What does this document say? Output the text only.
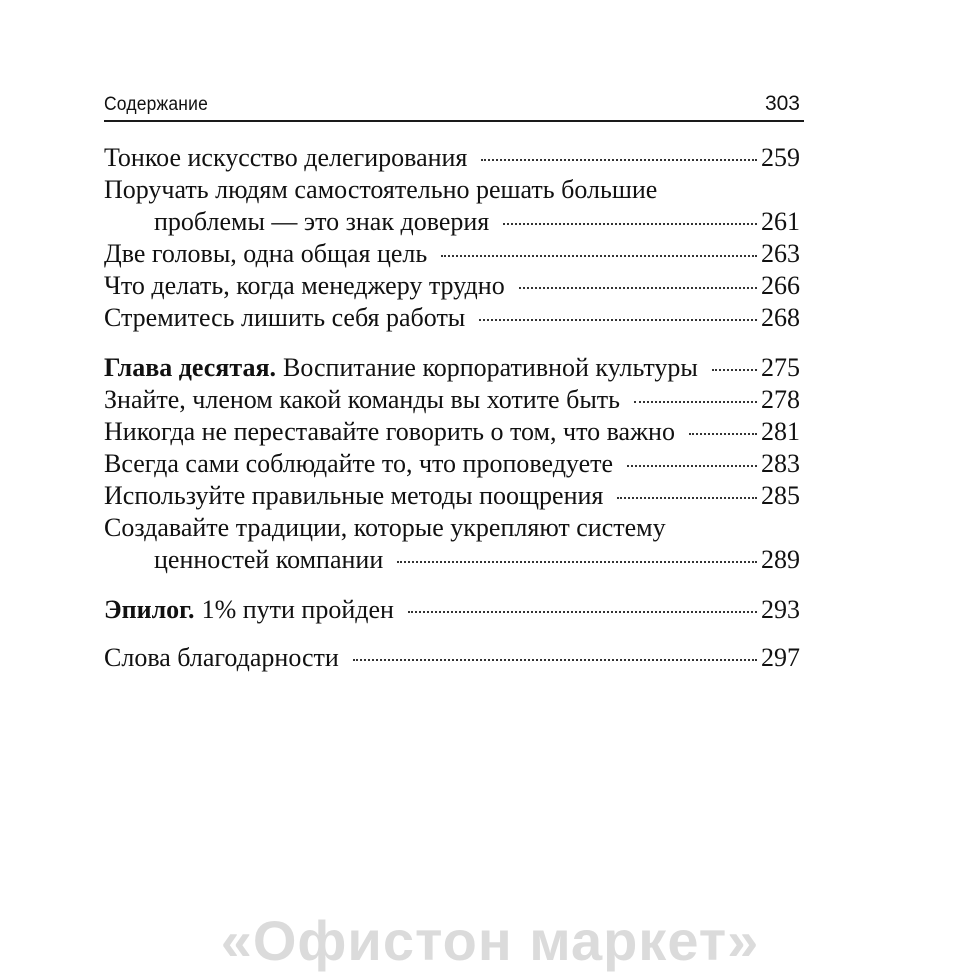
Содержание	303
Тонкое искусство делегирования	259
Поручать людям самостоятельно решать большие
проблемы — это знак доверия	261
Две головы, одна общая цель	263
Что делать, когда менеджеру трудно	266
Стремитесь лишить себя работы	268
Глава десятая. Воспитание корпоративной культуры 275
Знайте, членом какой команды вы хотите быть	278
Никогда не переставайте говорить о том, что важно	281
Всегда сами соблюдайте то, что проповедуете	283
Используйте правильные методы поощрения	285
Создавайте традиции, которые укрепляют систему
ценностей компании	289
Эпилог. 1% пути пройден	293
Слова благодарности	297
«Офистон маркет»
